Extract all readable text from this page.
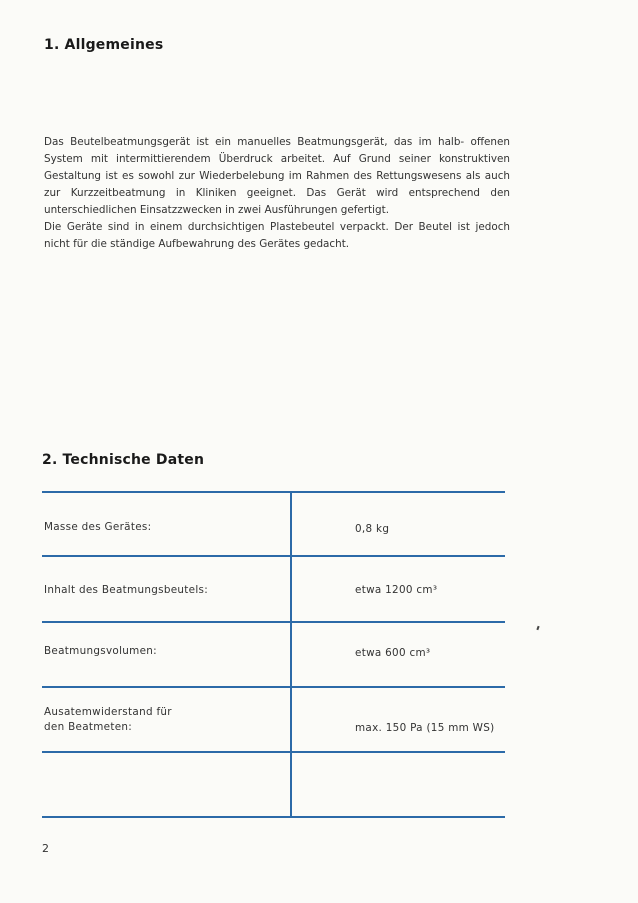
1. Allgemeines

Das Beutelbeatmungsgerät ist ein manuelles Beatmungsgerät, das im halb- offenen System mit intermittierendem Überdruck arbeitet. Auf Grund seiner konstruktiven Gestaltung ist es sowohl zur Wiederbelebung im Rahmen des Rettungswesens als auch zur Kurzzeitbeatmung in Kliniken geeignet. Das Gerät wird entsprechend den unterschiedlichen Einsatzzwecken in zwei Ausführungen gefertigt.

Die Geräte sind in einem durchsichtigen Plastebeutel verpackt. Der Beutel ist jedoch nicht für die ständige Aufbewahrung des Gerätes gedacht.

2. Technische Daten
Masse des Gerätes:	0,8 kg
Inhalt des Beatmungsbeutels:	etwa 1200 cm³
Beatmungsvolumen:	etwa 600 cm³
Ausatemwiderstand für den Beatmeten:	max. 150 Pa (15 mm WS)
2
